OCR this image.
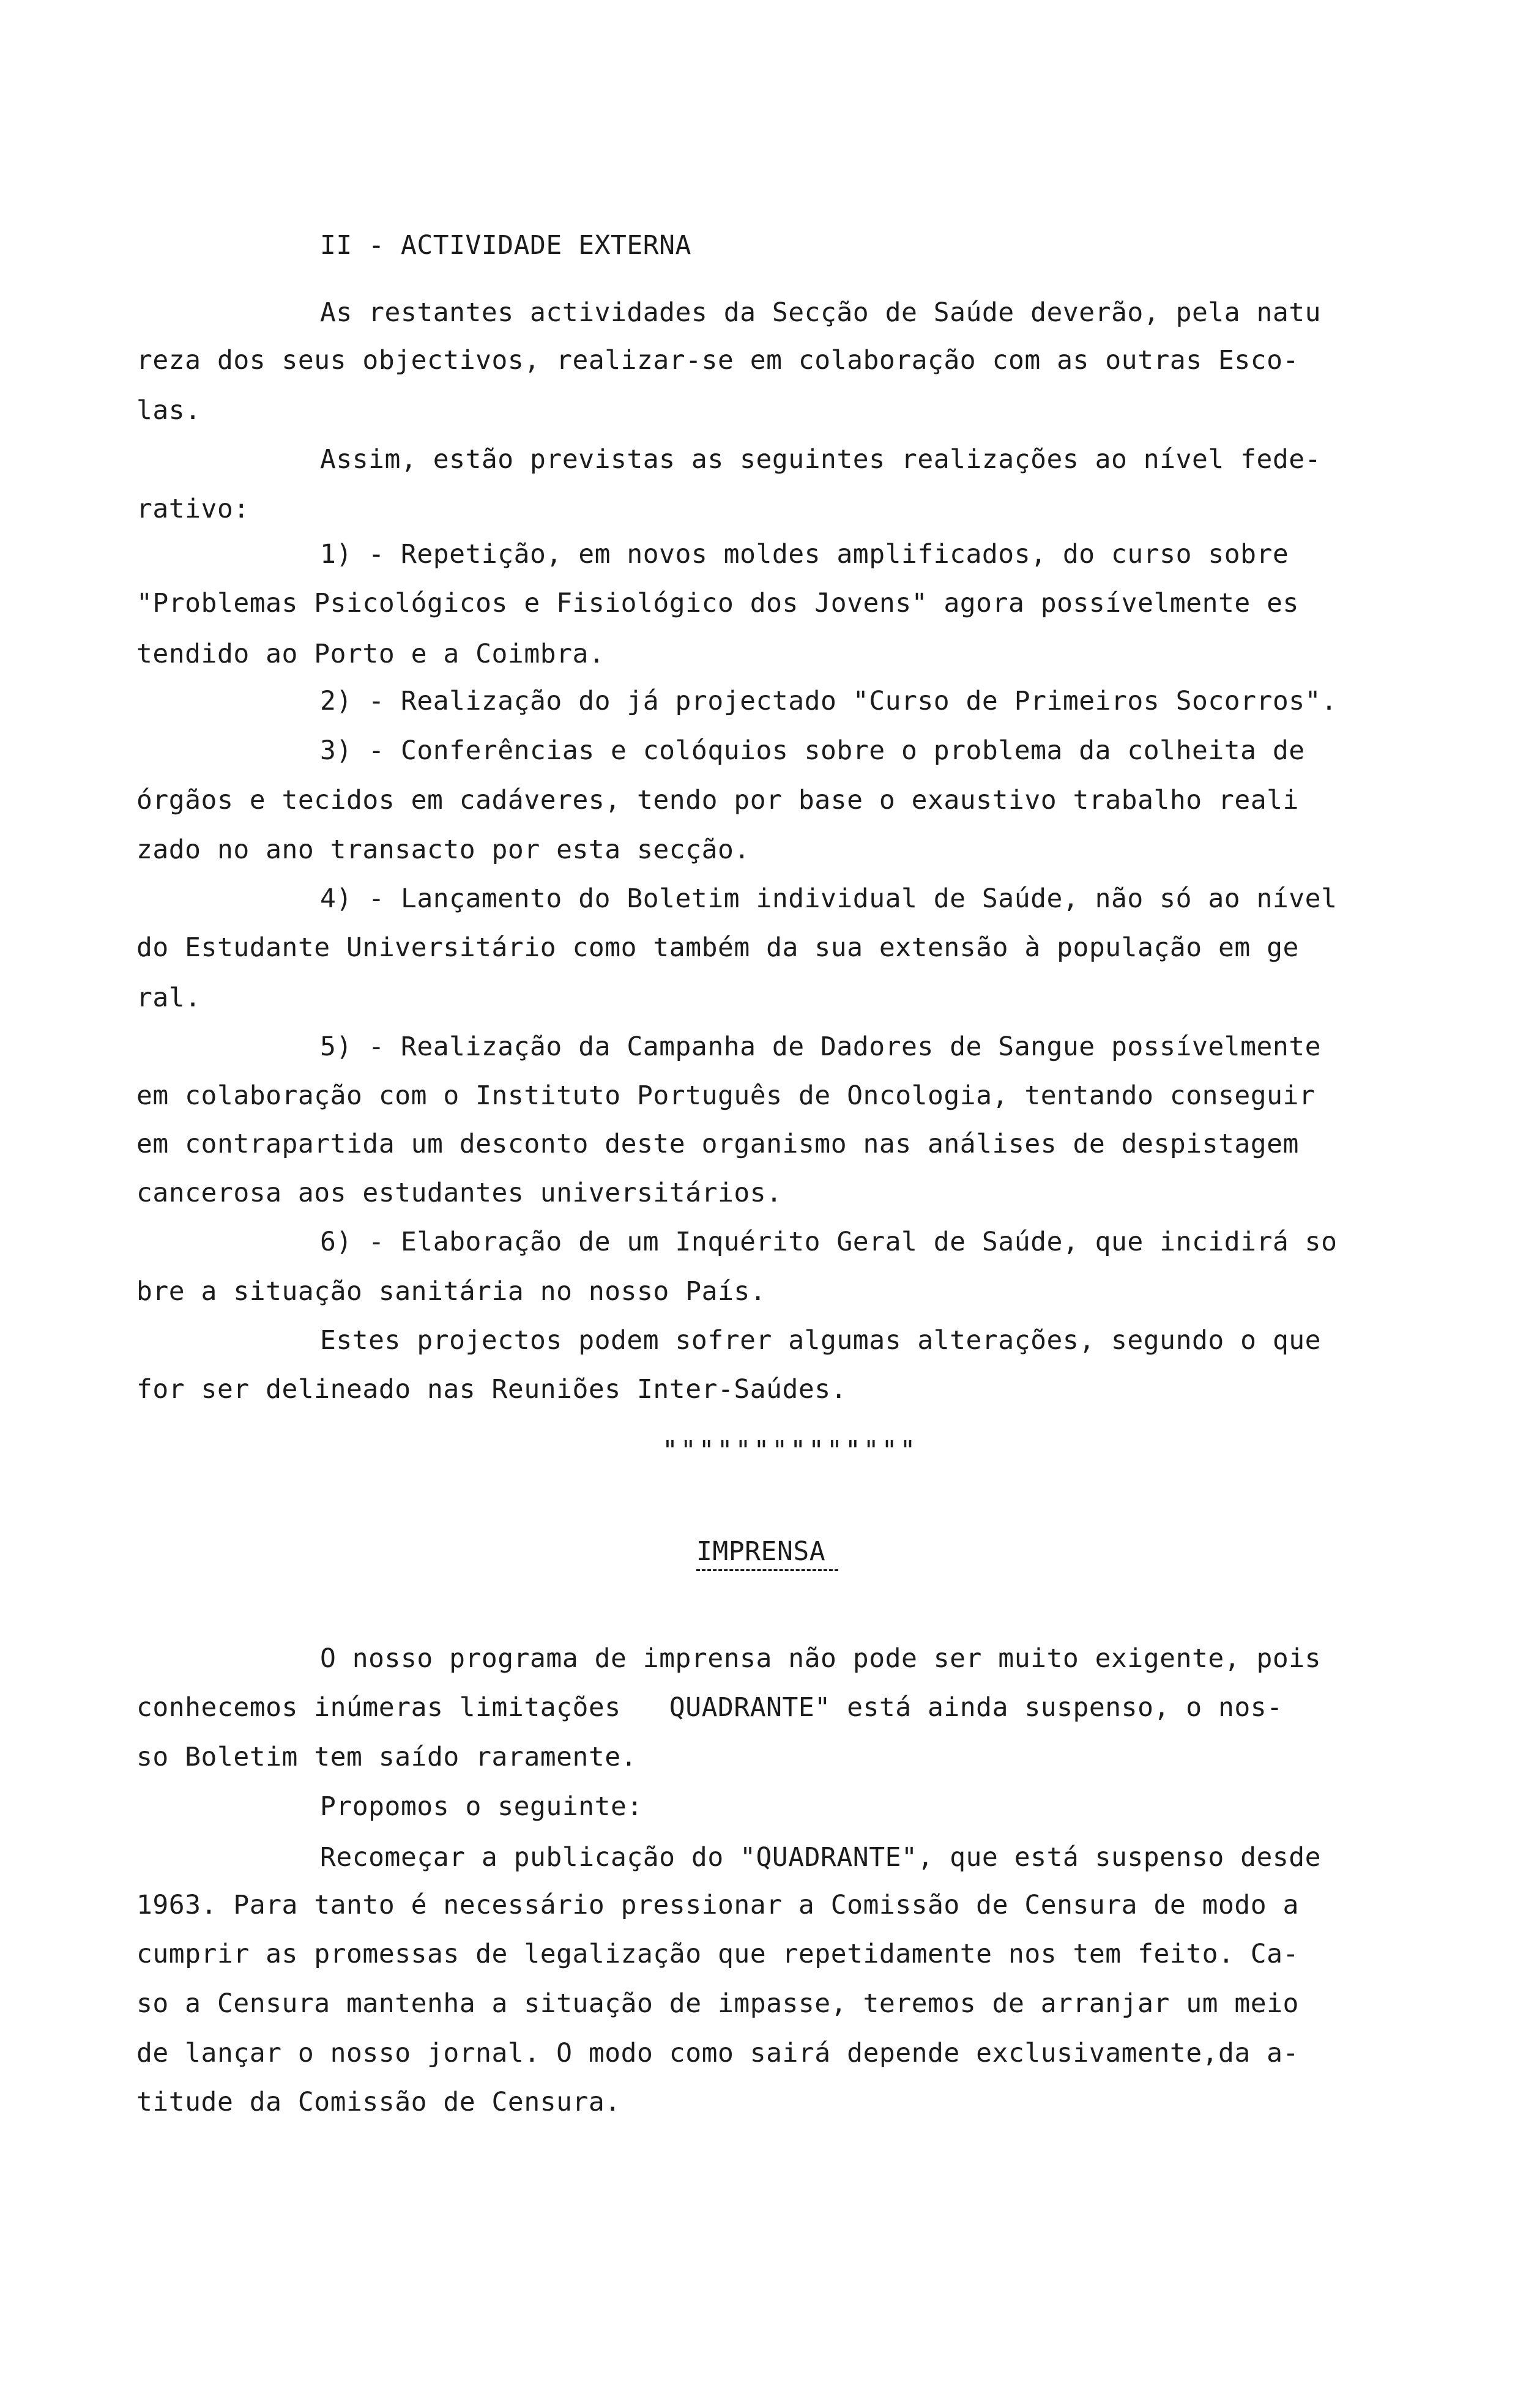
II - ACTIVIDADE EXTERNA
As restantes actividades da Secção de Saúde deverão, pela natu
reza dos seus objectivos, realizar-se em colaboração com as outras Esco-
las.
Assim, estão previstas as seguintes realizações ao nível fede-
rativo:
1) - Repetição, em novos moldes amplificados, do curso sobre
"Problemas Psicológicos e Fisiológico dos Jovens" agora possívelmente es
tendido ao Porto e a Coimbra.
2) - Realização do já projectado "Curso de Primeiros Socorros".
3) - Conferências e colóquios sobre o problema da colheita de
órgãos e tecidos em cadáveres, tendo por base o exaustivo trabalho reali
zado no ano transacto por esta secção.
4) - Lançamento do Boletim individual de Saúde, não só ao nível
do Estudante Universitário como também da sua extensão à população em ge
ral.
5) - Realização da Campanha de Dadores de Sangue possívelmente
em colaboração com o Instituto Português de Oncologia, tentando conseguir
em contrapartida um desconto deste organismo nas análises de despistagem
cancerosa aos estudantes universitários.
6) - Elaboração de um Inquérito Geral de Saúde, que incidirá so
bre a situação sanitária no nosso País.
Estes projectos podem sofrer algumas alterações, segundo o que
for ser delineado nas Reuniões Inter-Saúdes.
""""""""""""""
IMPRENSA
O nosso programa de imprensa não pode ser muito exigente, pois
conhecemos inúmeras limitações   QUADRANTE" está ainda suspenso, o nos-
so Boletim tem saído raramente.
Propomos o seguinte:
Recomeçar a publicação do "QUADRANTE", que está suspenso desde
1963. Para tanto é necessário pressionar a Comissão de Censura de modo a
cumprir as promessas de legalização que repetidamente nos tem feito. Ca-
so a Censura mantenha a situação de impasse, teremos de arranjar um meio
de lançar o nosso jornal. O modo como sairá depende exclusivamente,da a-
titude da Comissão de Censura.
